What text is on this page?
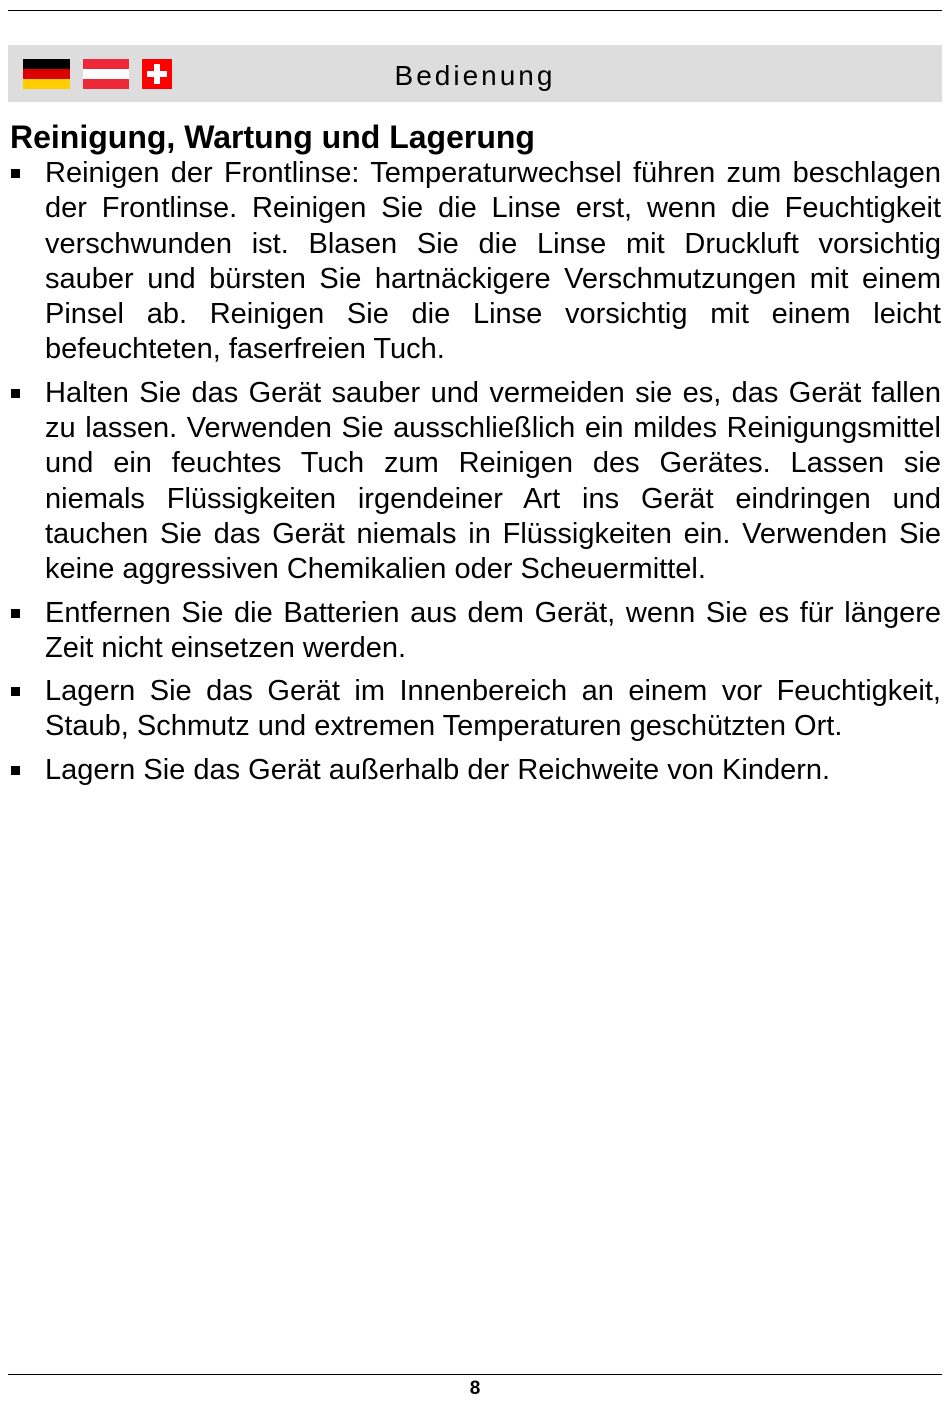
Bedienung
Reinigung, Wartung und Lagerung
Reinigen der Frontlinse: Temperaturwechsel führen zum beschlagen der Frontlinse. Reinigen Sie die Linse erst, wenn die Feuchtigkeit verschwunden ist. Blasen Sie die Linse mit Druckluft vorsichtig sauber und bürsten Sie hartnäckigere Verschmutzungen mit einem Pinsel ab. Reinigen Sie die Linse vorsichtig mit einem leicht befeuchteten, faserfreien Tuch.
Halten Sie das Gerät sauber und vermeiden sie es, das Gerät fallen zu lassen. Verwenden Sie ausschließlich ein mildes Reinigungsmittel und ein feuchtes Tuch zum Reinigen des Gerätes. Lassen sie niemals Flüssigkeiten irgendeiner Art ins Gerät eindringen und tauchen Sie das Gerät niemals in Flüssigkeiten ein. Verwenden Sie keine aggressiven Chemikalien oder Scheuermittel.
Entfernen Sie die Batterien aus dem Gerät, wenn Sie es für längere Zeit nicht einsetzen werden.
Lagern Sie das Gerät im Innenbereich an einem vor Feuchtigkeit, Staub, Schmutz und extremen Temperaturen geschützten Ort.
Lagern Sie das Gerät außerhalb der Reichweite von Kindern.
8
